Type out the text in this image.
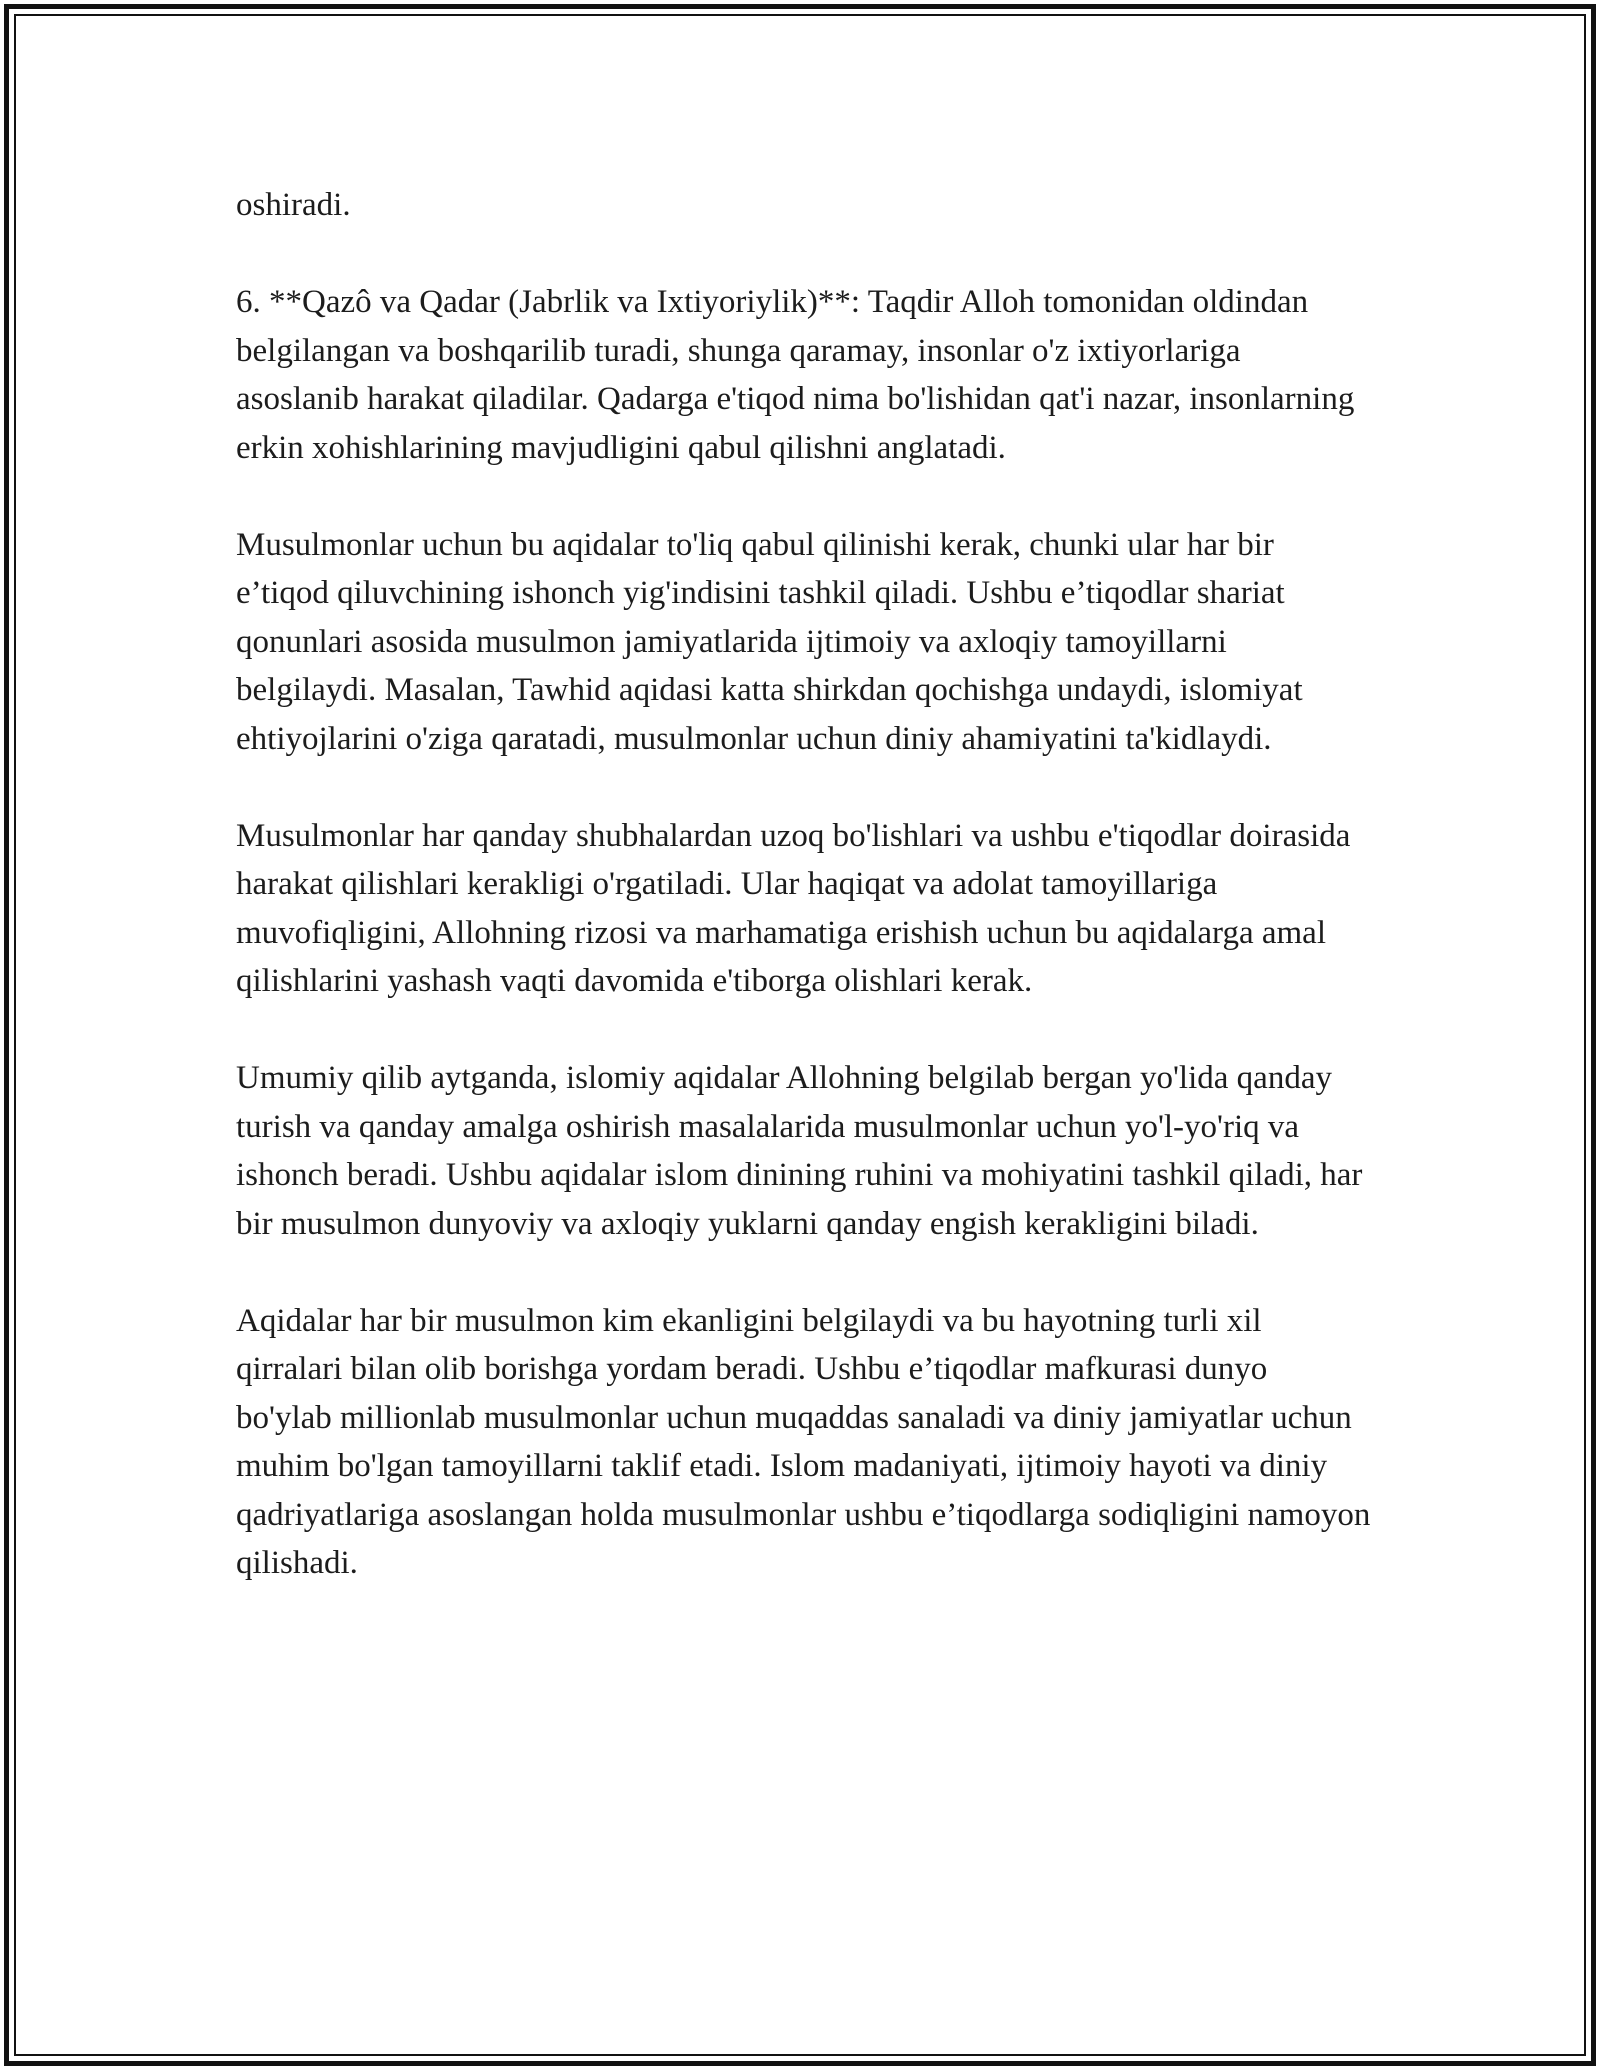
oshiradi.

6. **Qazô va Qadar (Jabrlik va Ixtiyoriylik)**: Taqdir Alloh tomonidan oldindan belgilangan va boshqarilib turadi, shunga qaramay, insonlar o'z ixtiyorlariga asoslanib harakat qiladilar. Qadarga e'tiqod nima bo'lishidan qat'i nazar, insonlarning erkin xohishlarining mavjudligini qabul qilishni anglatadi.

Musulmonlar uchun bu aqidalar to'liq qabul qilinishi kerak, chunki ular har bir e’tiqod qiluvchining ishonch yig'indisini tashkil qiladi. Ushbu e’tiqodlar shariat qonunlari asosida musulmon jamiyatlarida ijtimoiy va axloqiy tamoyillarni belgilaydi. Masalan, Tawhid aqidasi katta shirkdan qochishga undaydi, islomiyat ehtiyojlarini o'ziga qaratadi, musulmonlar uchun diniy ahamiyatini ta'kidlaydi.

Musulmonlar har qanday shubhalardan uzoq bo'lishlari va ushbu e'tiqodlar doirasida harakat qilishlari kerakligi o'rgatiladi. Ular haqiqat va adolat tamoyillariga muvofiqligini, Allohning rizosi va marhamatiga erishish uchun bu aqidalarga amal qilishlarini yashash vaqti davomida e'tiborga olishlari kerak.

Umumiy qilib aytganda, islomiy aqidalar Allohning belgilab bergan yo'lida qanday turish va qanday amalga oshirish masalalarida musulmonlar uchun yo'l-yo'riq va ishonch beradi. Ushbu aqidalar islom dinining ruhini va mohiyatini tashkil qiladi, har bir musulmon dunyoviy va axloqiy yuklarni qanday engish kerakligini biladi.

Aqidalar har bir musulmon kim ekanligini belgilaydi va bu hayotning turli xil qirralari bilan olib borishga yordam beradi. Ushbu e’tiqodlar mafkurasi dunyo bo'ylab millionlab musulmonlar uchun muqaddas sanaladi va diniy jamiyatlar uchun muhim bo'lgan tamoyillarni taklif etadi. Islom madaniyati, ijtimoiy hayoti va diniy qadriyatlariga asoslangan holda musulmonlar ushbu e’tiqodlarga sodiqligini namoyon qilishadi.
